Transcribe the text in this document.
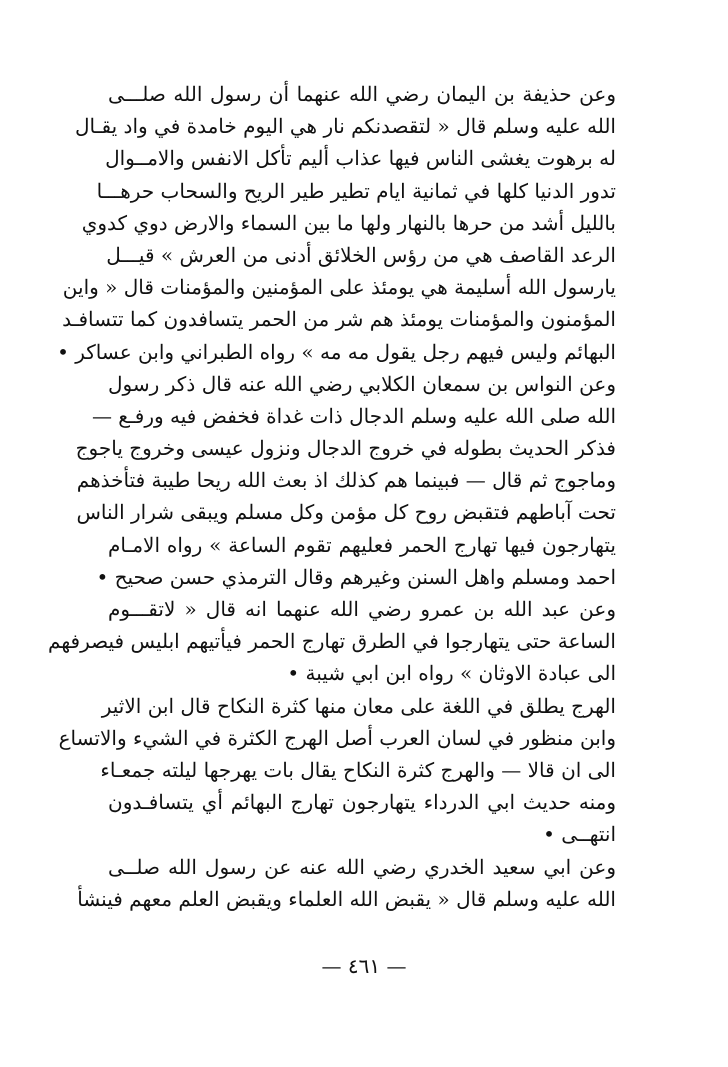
وعن حذيفة بن اليمان رضي الله عنهما أن رسول الله صلـــى
الله عليه وسلم قال « لتقصدنكم نار هي اليوم خامدة في واد يقـال
له برهوت يغشى الناس فيها عذاب أليم تأكل الانفس والامــوال
تدور الدنيا كلها في ثمانية ايام تطير طير الريح والسحاب حرهـــا
بالليل أشد من حرها بالنهار ولها ما بين السماء والارض دوي كدوي
الرعد القاصف هي من رؤس الخلائق أدنى من العرش » قيـــل
يارسول الله أسليمة هي يومئذ على المؤمنين والمؤمنات قال « واين
المؤمنون والمؤمنات يومئذ هم شر من الحمر يتسافدون كما تتسافـد
البهائم وليس فيهم رجل يقول مه مه » رواه الطبراني وابن عساكر •
وعن النواس بن سمعان الكلابي رضي الله عنه قال ذكر رسول
الله صلى الله عليه وسلم الدجال ذات غداة فخفض فيه ورفـع —
فذكر الحديث بطوله في خروج الدجال ونزول عيسى وخروج ياجوج
وماجوج ثم قال — فبينما هم كذلك اذ بعث الله ريحا طيبة فتأخذهم
تحت آباطهم فتقبض روح كل مؤمن وكل مسلم ويبقى شرار الناس
يتهارجون فيها تهارج الحمر فعليهم تقوم الساعة » رواه الامـام
احمد ومسلم واهل السنن وغيرهم وقال الترمذي حسن صحيح •
وعن عبد الله بن عمرو رضي الله عنهما انه قال « لاتقـــوم
الساعة حتى يتهارجوا في الطرق تهارج الحمر فيأتيهم ابليس فيصرفهم
الى عبادة الاوثان » رواه ابن ابي شيبة •
الهرج يطلق في اللغة على معان منها كثرة النكاح قال ابن الاثير
وابن منظور في لسان العرب أصل الهرج الكثرة في الشيء والاتساع
الى ان قالا — والهرج كثرة النكاح يقال بات يهرجها ليلته جمعـاء
ومنه حديث ابي الدرداء يتهارجون تهارج البهائم أي يتسافـدون
انتهــى •
وعن ابي سعيد الخدري رضي الله عنه عن رسول الله صلــى
الله عليه وسلم قال « يقبض الله العلماء ويقبض العلم معهم فينشأ
— ٤٦١ —
